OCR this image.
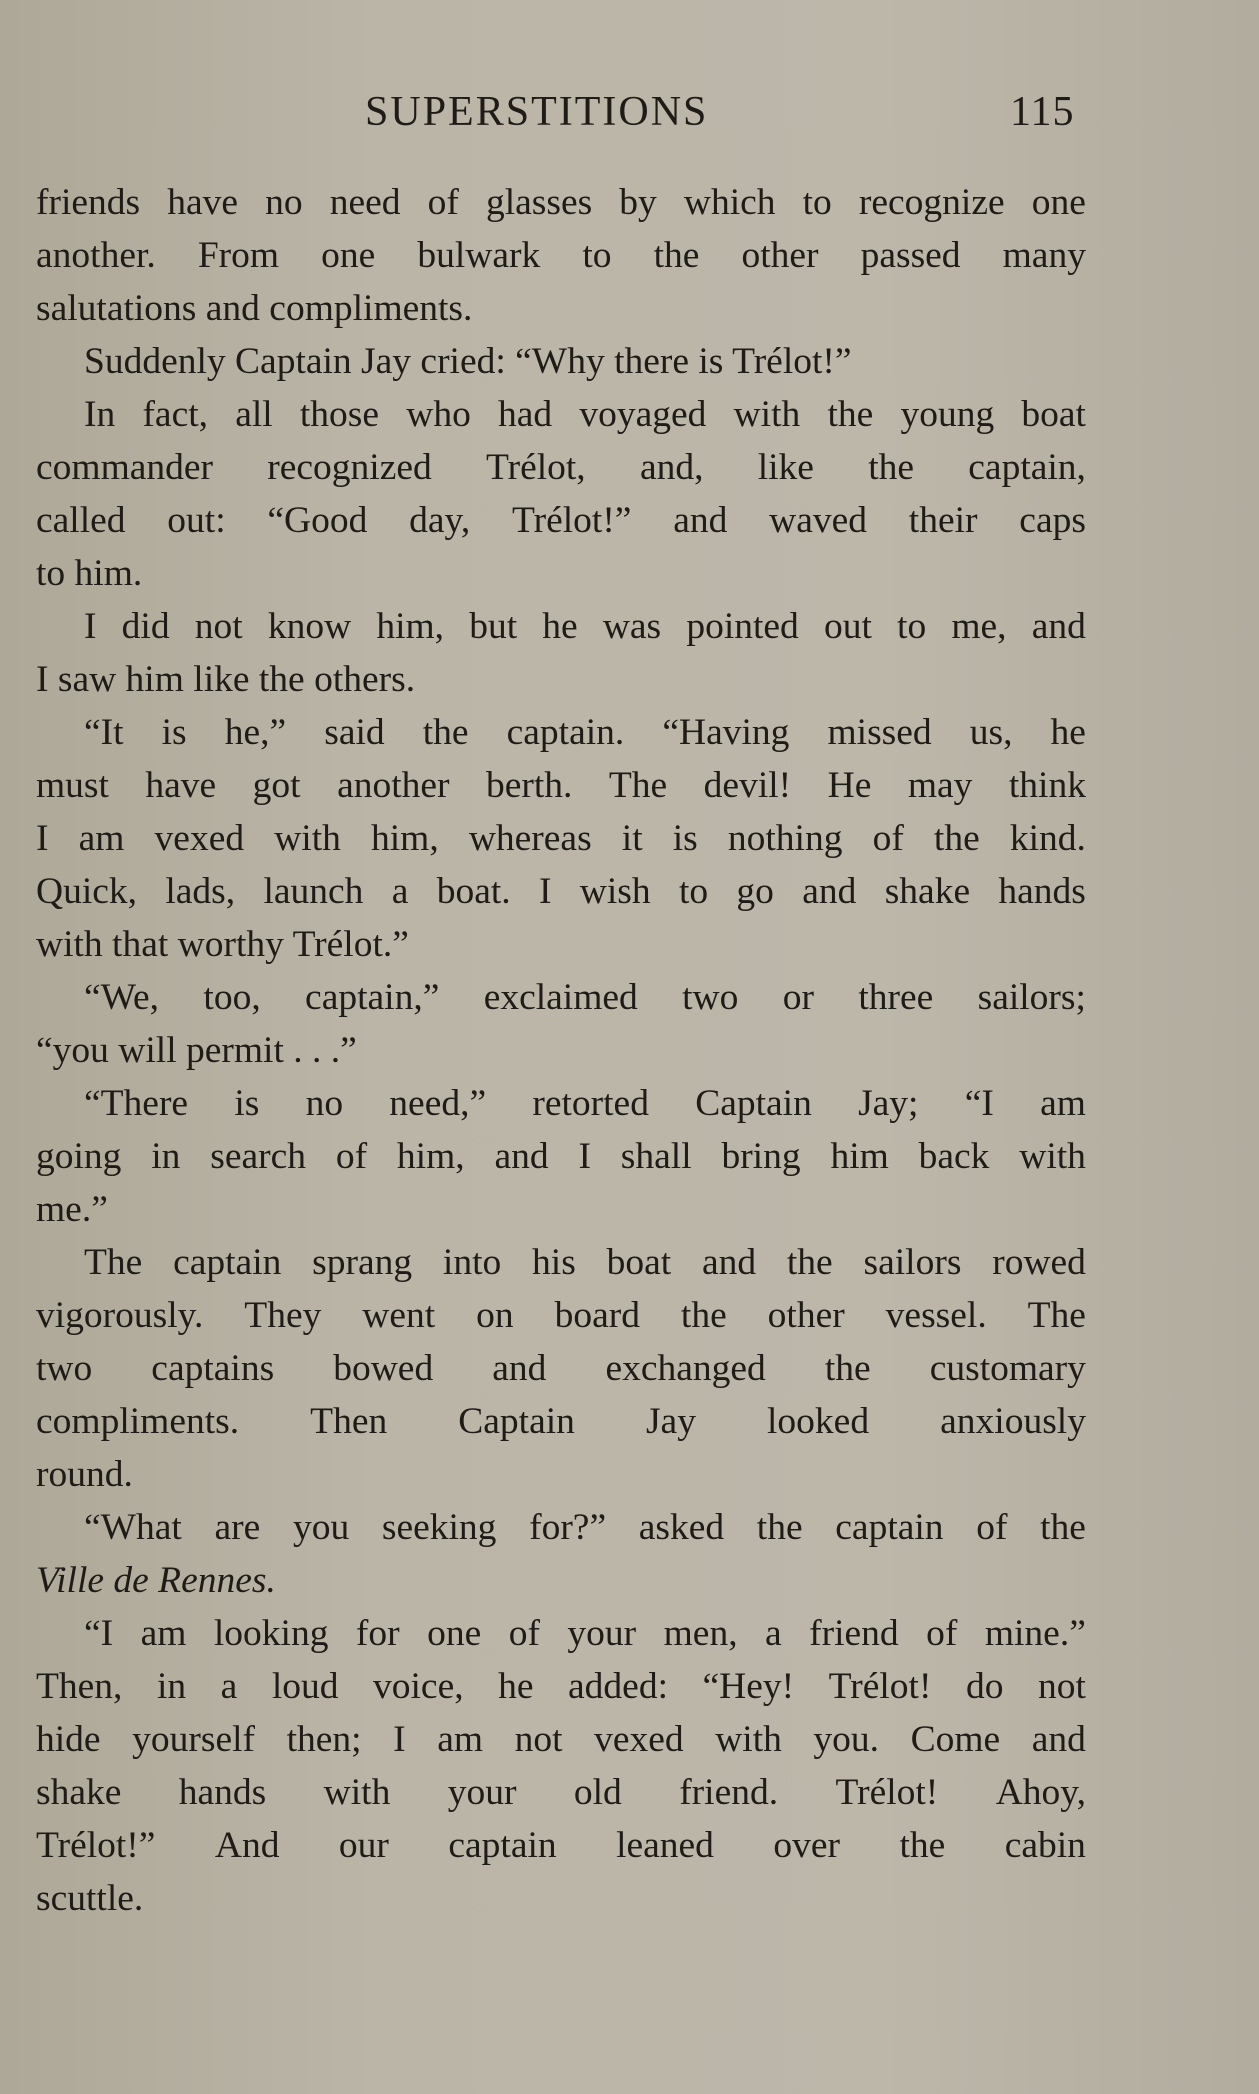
SUPERSTITIONS	115
friends have no need of glasses by which to recognize one
another. From one bulwark to the other passed many
salutations and compliments.
Suddenly Captain Jay cried: “Why there is Trélot!”
In fact, all those who had voyaged with the young boat
commander recognized Trélot, and, like the captain,
called out: “Good day, Trélot!” and waved their caps
to him.
I did not know him, but he was pointed out to me, and
I saw him like the others.
“It is he,” said the captain. “Having missed us, he
must have got another berth. The devil! He may think
I am vexed with him, whereas it is nothing of the kind.
Quick, lads, launch a boat. I wish to go and shake hands
with that worthy Trélot.”
“We, too, captain,” exclaimed two or three sailors;
“you will permit . . .”
“There is no need,” retorted Captain Jay; “I am
going in search of him, and I shall bring him back with
me.”
The captain sprang into his boat and the sailors rowed
vigorously. They went on board the other vessel. The
two captains bowed and exchanged the customary
compliments. Then Captain Jay looked anxiously
round.
“What are you seeking for?” asked the captain of the
Ville de Rennes.
“I am looking for one of your men, a friend of mine.”
Then, in a loud voice, he added: “Hey! Trélot! do not
hide yourself then; I am not vexed with you. Come and
shake hands with your old friend. Trélot! Ahoy,
Trélot!” And our captain leaned over the cabin
scuttle.
